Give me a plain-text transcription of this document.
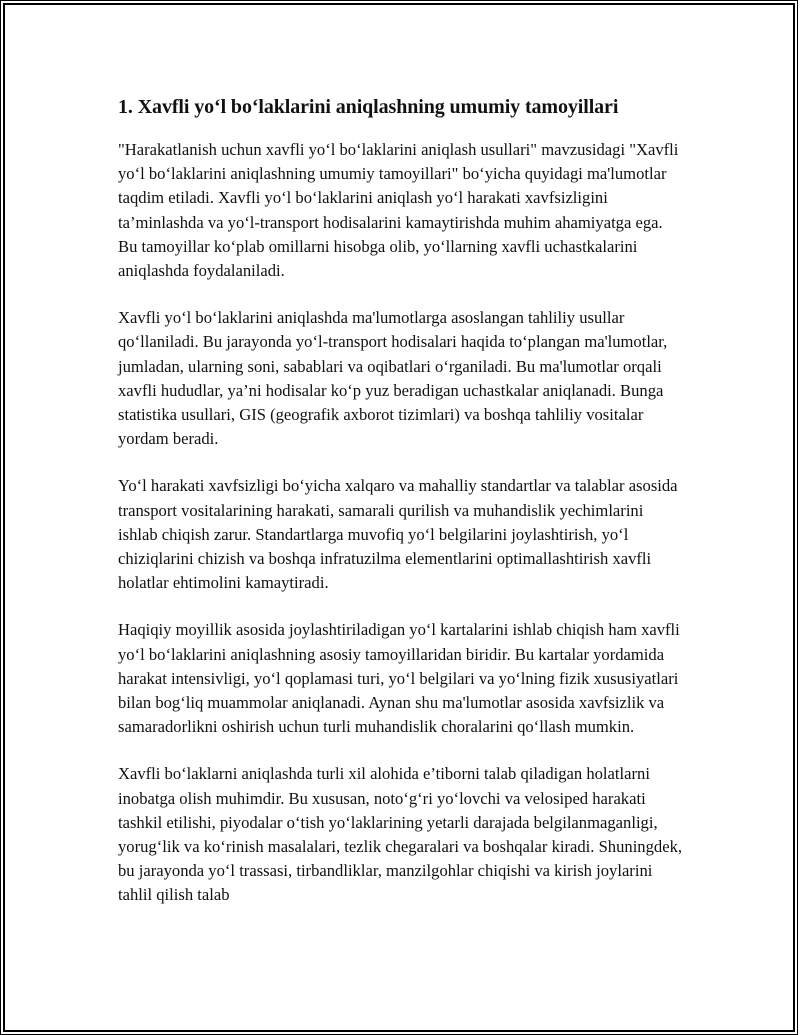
1. Xavfli yo‘l bo‘laklarini aniqlashning umumiy tamoyillari

"Harakatlanish uchun xavfli yo‘l bo‘laklarini aniqlash usullari" mavzusidagi "Xavfli yo‘l bo‘laklarini aniqlashning umumiy tamoyillari" bo‘yicha quyidagi ma'lumotlar taqdim etiladi. Xavfli yo‘l bo‘laklarini aniqlash yo‘l harakati xavfsizligini ta’minlashda va yo‘l-transport hodisalarini kamaytirishda muhim ahamiyatga ega. Bu tamoyillar ko‘plab omillarni hisobga olib, yo‘llarning xavfli uchastkalarini aniqlashda foydalaniladi.

Xavfli yo‘l bo‘laklarini aniqlashda ma'lumotlarga asoslangan tahliliy usullar qo‘llaniladi. Bu jarayonda yo‘l-transport hodisalari haqida to‘plangan ma'lumotlar, jumladan, ularning soni, sabablari va oqibatlari o‘rganiladi. Bu ma'lumotlar orqali xavfli hududlar, ya’ni hodisalar ko‘p yuz beradigan uchastkalar aniqlanadi. Bunga statistika usullari, GIS (geografik axborot tizimlari) va boshqa tahliliy vositalar yordam beradi.

Yo‘l harakati xavfsizligi bo‘yicha xalqaro va mahalliy standartlar va talablar asosida transport vositalarining harakati, samarali qurilish va muhandislik yechimlarini ishlab chiqish zarur. Standartlarga muvofiq yo‘l belgilarini joylashtirish, yo‘l chiziqlarini chizish va boshqa infratuzilma elementlarini optimallashtirish xavfli holatlar ehtimolini kamaytiradi.

Haqiqiy moyillik asosida joylashtiriladigan yo‘l kartalarini ishlab chiqish ham xavfli yo‘l bo‘laklarini aniqlashning asosiy tamoyillaridan biridir. Bu kartalar yordamida harakat intensivligi, yo‘l qoplamasi turi, yo‘l belgilari va yo‘lning fizik xususiyatlari bilan bog‘liq muammolar aniqlanadi. Aynan shu ma'lumotlar asosida xavfsizlik va samaradorlikni oshirish uchun turli muhandislik choralarini qo‘llash mumkin.

Xavfli bo‘laklarni aniqlashda turli xil alohida e’tiborni talab qiladigan holatlarni inobatga olish muhimdir. Bu xususan, noto‘g‘ri yo‘lovchi va velosiped harakati tashkil etilishi, piyodalar o‘tish yo‘laklarining yetarli darajada belgilanmaganligi, yorug‘lik va ko‘rinish masalalari, tezlik chegaralari va boshqalar kiradi. Shuningdek, bu jarayonda yo‘l trassasi, tirbandliklar, manzilgohlar chiqishi va kirish joylarini tahlil qilish talab
